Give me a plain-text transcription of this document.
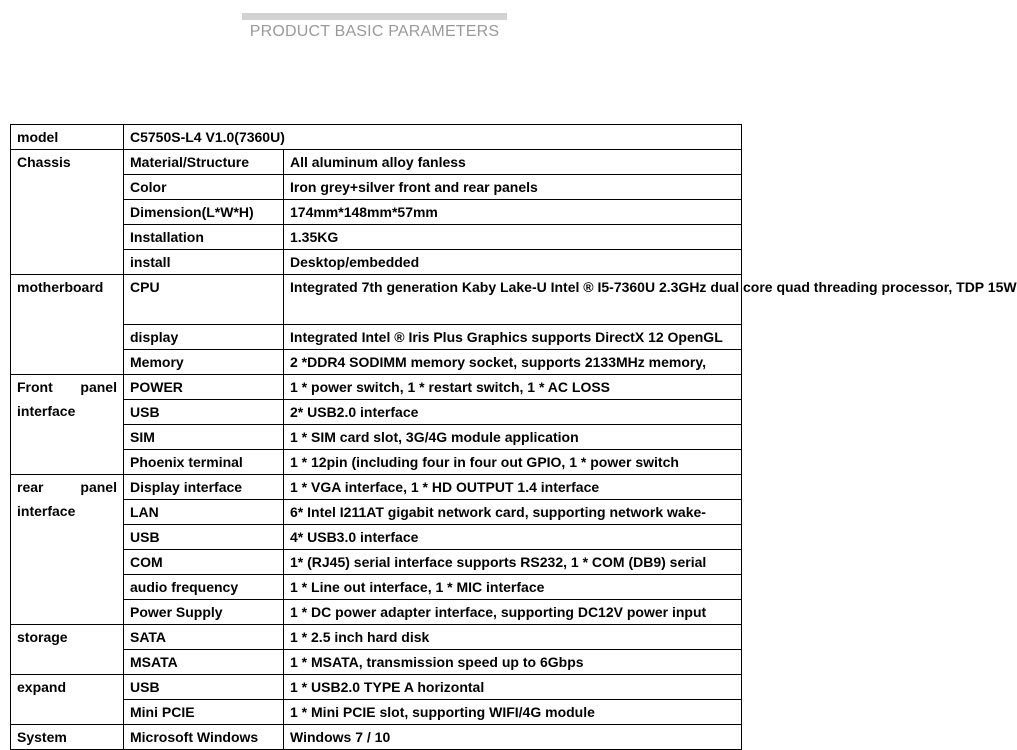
PRODUCT BASIC PARAMETERS
model	C5750S-L4 V1.0(7360U)	
Chassis	Material/Structure	All aluminum alloy fanless
	Color	Iron grey+silver front and rear panels
	Dimension(L*W*H)	174mm*148mm*57mm
	Installation	1.35KG
	install	Desktop/embedded
motherboard	CPU	Integrated 7th generation Kaby Lake-U Intel ® I5-7360U 2.3GHz dual core quad threading processor, TDP 15W
	display	Integrated Intel ® Iris Plus Graphics supports DirectX 12 OpenGL
	Memory	2 *DDR4 SODIMM memory socket, supports 2133MHz memory,

Front panel
interface	POWER	1 * power switch, 1 * restart switch, 1 * AC LOSS
	USB	2* USB2.0 interface
	SIM	1 * SIM card slot, 3G/4G module application
	Phoenix terminal	1 * 12pin (including four in four out GPIO, 1 * power switch

rear panel
interface	Display interface	1 * VGA interface, 1 * HD OUTPUT 1.4 interface
	LAN	6* Intel I211AT gigabit network card, supporting network wake-
	USB	4* USB3.0 interface
	COM	1* (RJ45) serial interface supports RS232, 1 * COM (DB9) serial
	audio frequency	1 * Line out interface, 1 * MIC interface
	Power Supply	1 * DC power adapter interface, supporting DC12V power input
storage	SATA	1 * 2.5 inch hard disk
	MSATA	1 * MSATA, transmission speed up to 6Gbps
expand	USB	1 * USB2.0 TYPE A horizontal
	Mini PCIE	1 * Mini PCIE slot, supporting WIFI/4G module
System	Microsoft Windows	Windows 7 / 10
